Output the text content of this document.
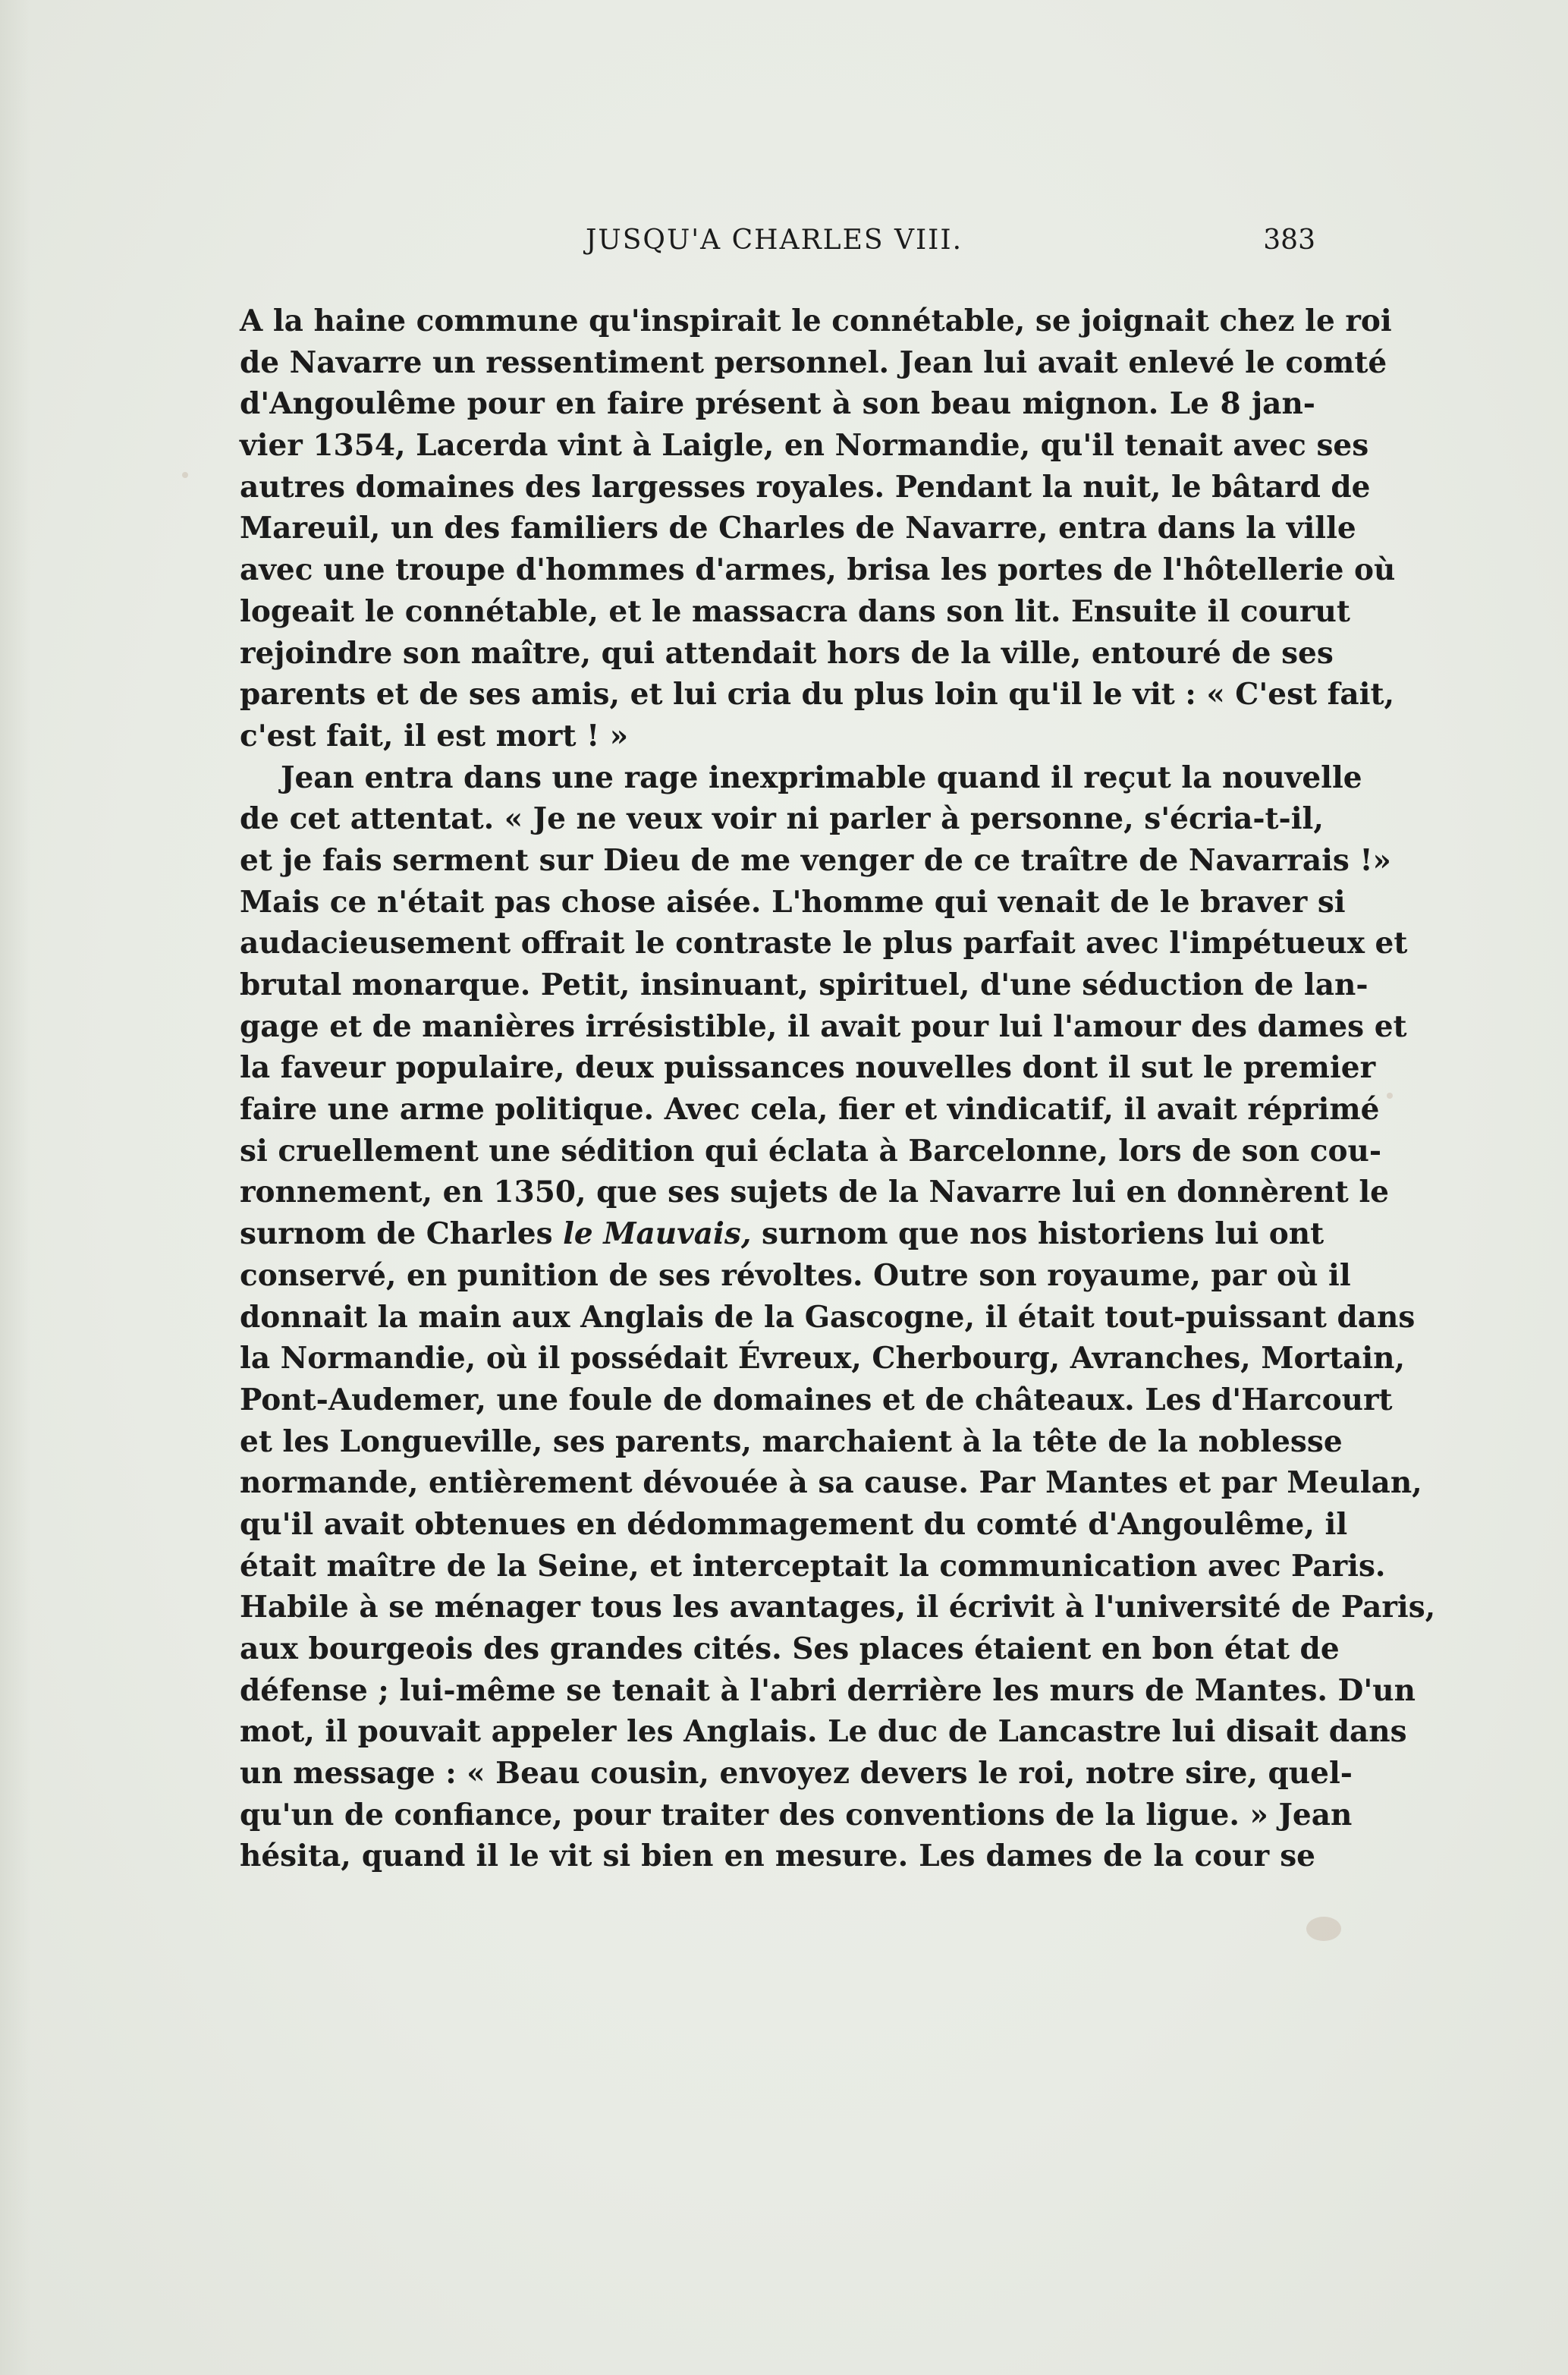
JUSQU'A CHARLES VIII.	383
A la haine commune qu'inspirait le connétable, se joignait chez le roi
de Navarre un ressentiment personnel. Jean lui avait enlevé le comté
d'Angoulême pour en faire présent à son beau mignon. Le 8 jan-
vier 1354, Lacerda vint à Laigle, en Normandie, qu'il tenait avec ses
autres domaines des largesses royales. Pendant la nuit, le bâtard de
Mareuil, un des familiers de Charles de Navarre, entra dans la ville
avec une troupe d'hommes d'armes, brisa les portes de l'hôtellerie où
logeait le connétable, et le massacra dans son lit. Ensuite il courut
rejoindre son maître, qui attendait hors de la ville, entouré de ses
parents et de ses amis, et lui cria du plus loin qu'il le vit : « C'est fait,
c'est fait, il est mort ! »
Jean entra dans une rage inexprimable quand il reçut la nouvelle
de cet attentat. « Je ne veux voir ni parler à personne, s'écria-t-il,
et je fais serment sur Dieu de me venger de ce traître de Navarrais !»
Mais ce n'était pas chose aisée. L'homme qui venait de le braver si
audacieusement offrait le contraste le plus parfait avec l'impétueux et
brutal monarque. Petit, insinuant, spirituel, d'une séduction de lan-
gage et de manières irrésistible, il avait pour lui l'amour des dames et
la faveur populaire, deux puissances nouvelles dont il sut le premier
faire une arme politique. Avec cela, fier et vindicatif, il avait réprimé
si cruellement une sédition qui éclata à Barcelonne, lors de son cou-
ronnement, en 1350, que ses sujets de la Navarre lui en donnèrent le
surnom de Charles le Mauvais, surnom que nos historiens lui ont
conservé, en punition de ses révoltes. Outre son royaume, par où il
donnait la main aux Anglais de la Gascogne, il était tout-puissant dans
la Normandie, où il possédait Évreux, Cherbourg, Avranches, Mortain,
Pont-Audemer, une foule de domaines et de châteaux. Les d'Harcourt
et les Longueville, ses parents, marchaient à la tête de la noblesse
normande, entièrement dévouée à sa cause. Par Mantes et par Meulan,
qu'il avait obtenues en dédommagement du comté d'Angoulême, il
était maître de la Seine, et interceptait la communication avec Paris.
Habile à se ménager tous les avantages, il écrivit à l'université de Paris,
aux bourgeois des grandes cités. Ses places étaient en bon état de
défense ; lui-même se tenait à l'abri derrière les murs de Mantes. D'un
mot, il pouvait appeler les Anglais. Le duc de Lancastre lui disait dans
un message : « Beau cousin, envoyez devers le roi, notre sire, quel-
qu'un de confiance, pour traiter des conventions de la ligue. » Jean
hésita, quand il le vit si bien en mesure. Les dames de la cour se
